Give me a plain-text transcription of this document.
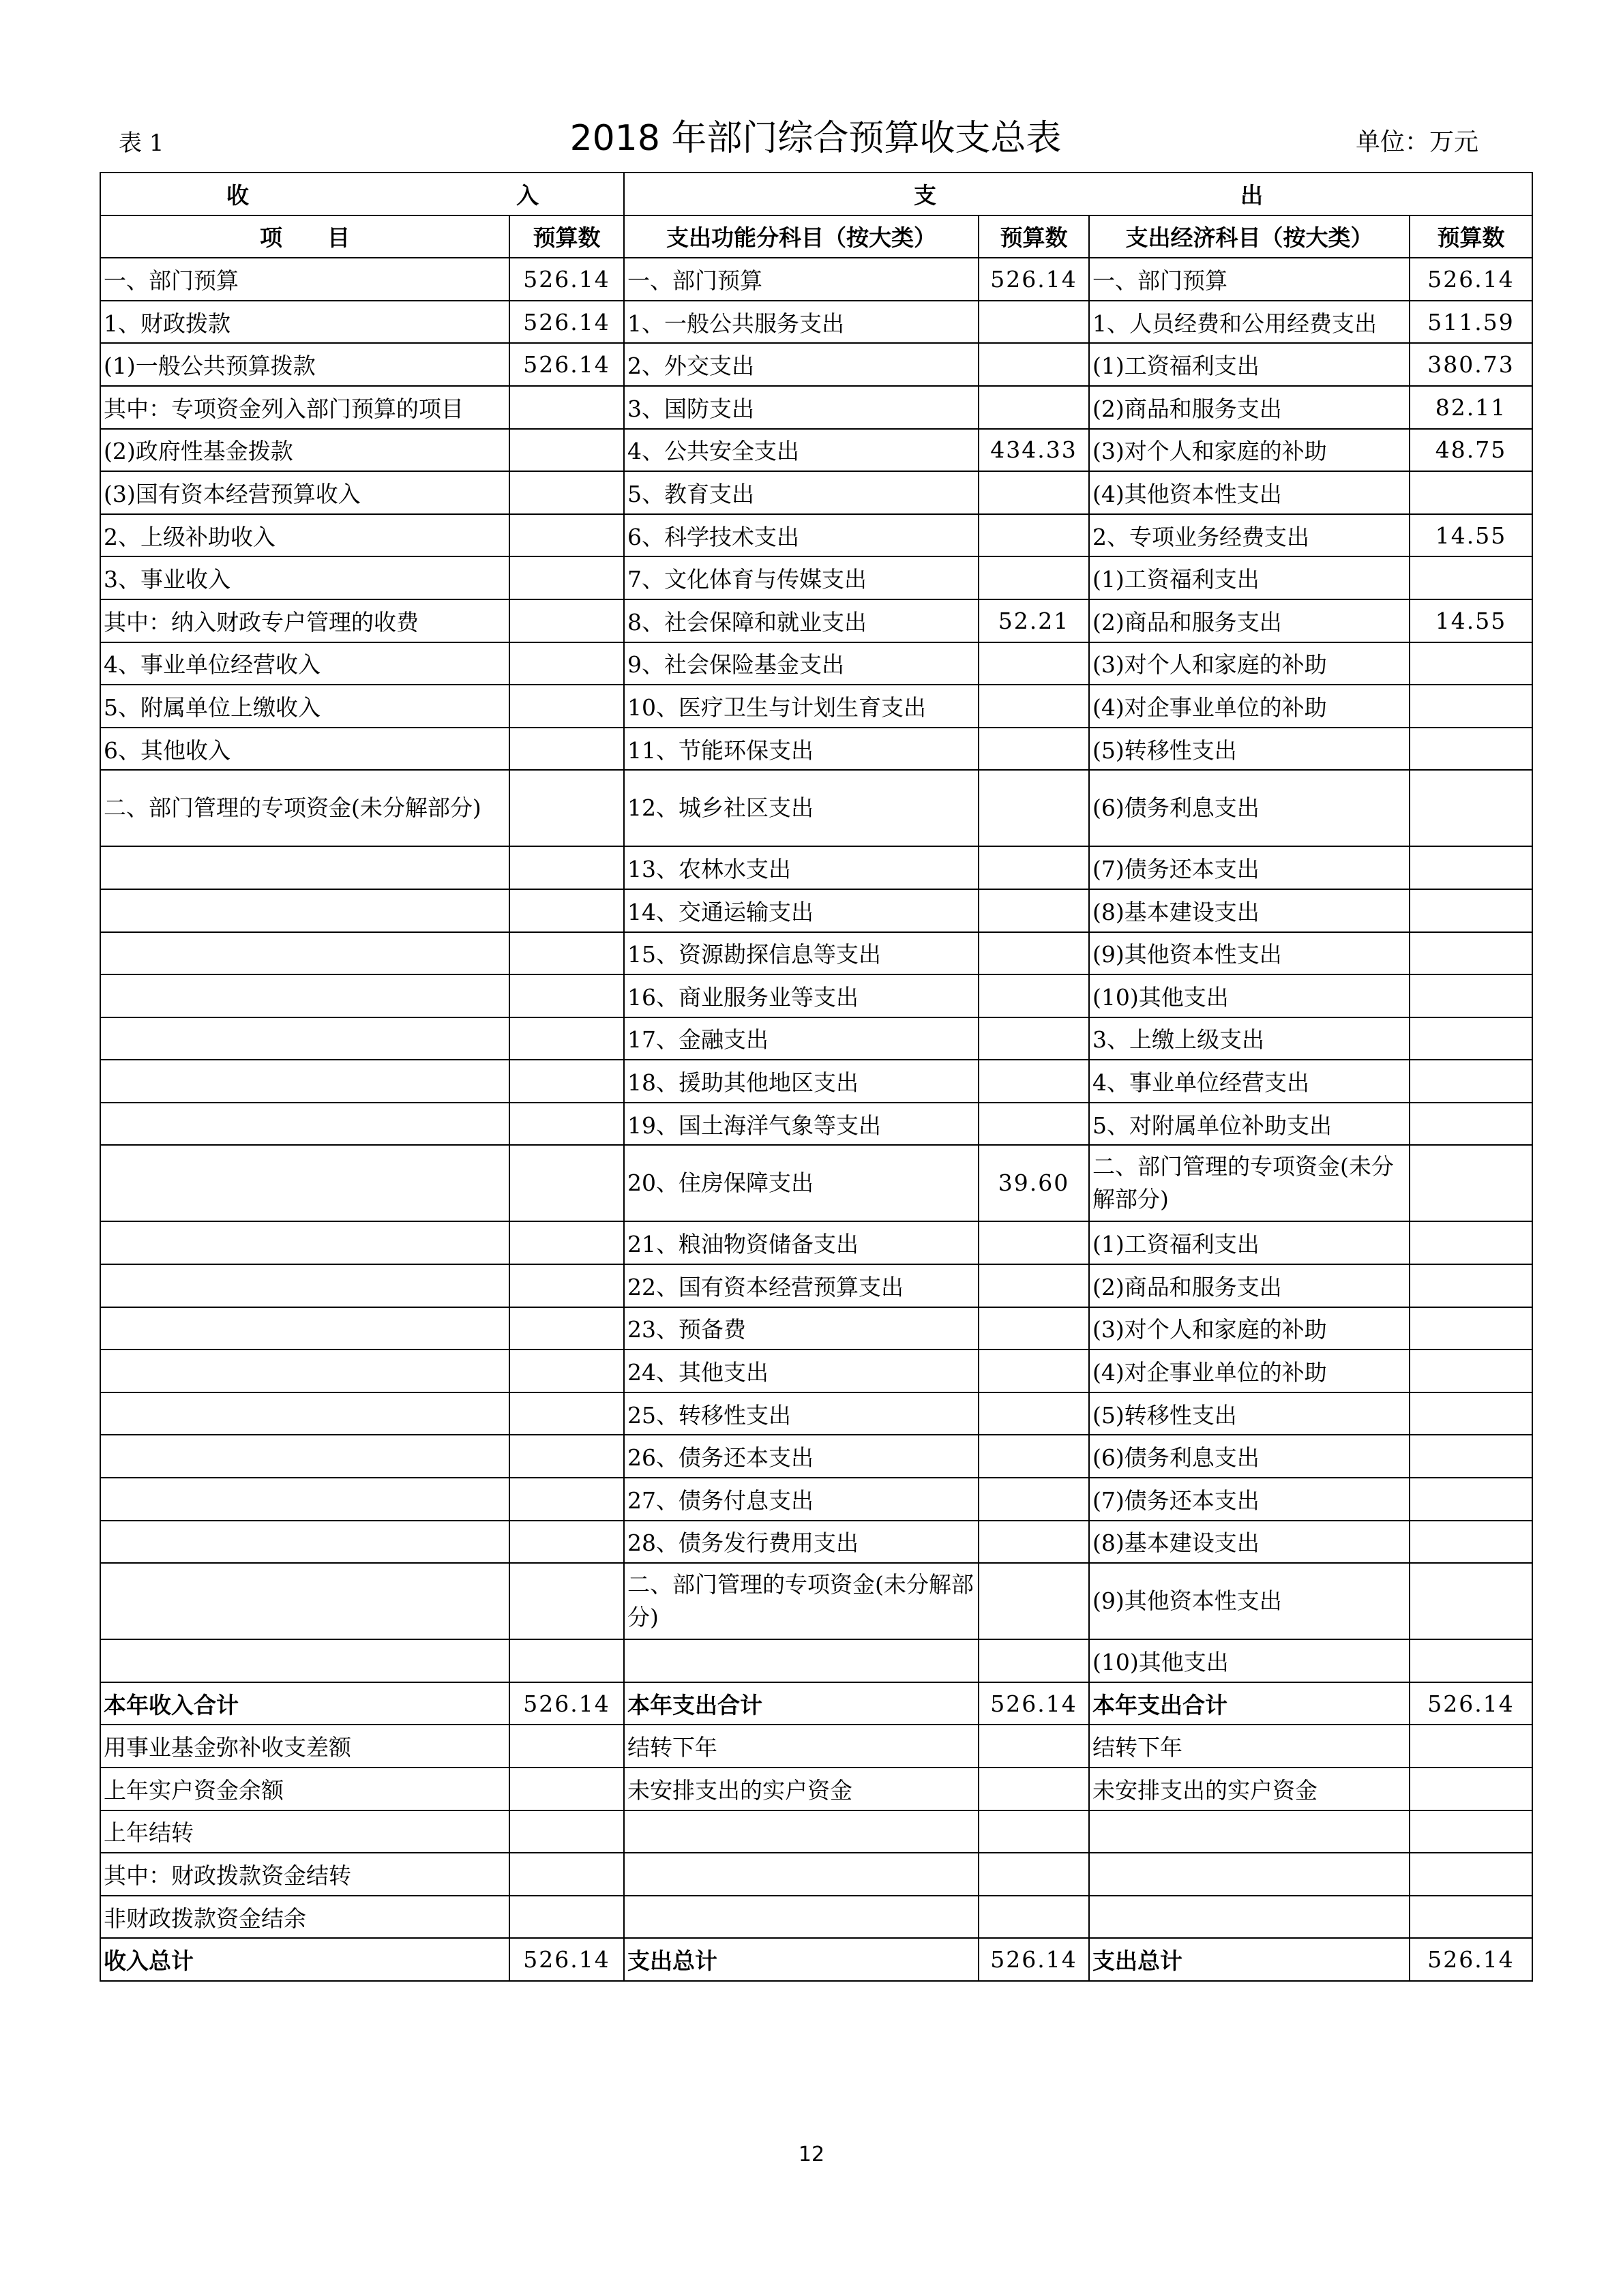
表 1	2018 年部门综合预算收支总表	单位：万元
收 入		支 出			

项　　目	预算数	支出功能分科目（按大类）	预算数	支出经济科目（按大类）	预算数
一、部门预算	526.14	一、部门预算	526.14	一、部门预算	526.14
1、财政拨款	526.14	1、一般公共服务支出		1、人员经费和公用经费支出	511.59
(1)一般公共预算拨款	526.14	2、外交支出		(1)工资福利支出	380.73
其中：专项资金列入部门预算的项目		3、国防支出		(2)商品和服务支出	82.11
(2)政府性基金拨款		4、公共安全支出	434.33	(3)对个人和家庭的补助	48.75
(3)国有资本经营预算收入		5、教育支出		(4)其他资本性支出	
2、上级补助收入		6、科学技术支出		2、专项业务经费支出	14.55
3、事业收入		7、文化体育与传媒支出		(1)工资福利支出	
其中：纳入财政专户管理的收费		8、社会保障和就业支出	52.21	(2)商品和服务支出	14.55
4、事业单位经营收入		9、社会保险基金支出		(3)对个人和家庭的补助	
5、附属单位上缴收入		10、医疗卫生与计划生育支出		(4)对企事业单位的补助	
6、其他收入		11、节能环保支出		(5)转移性支出	
二、部门管理的专项资金(未分解部分)		12、城乡社区支出		(6)债务利息支出	
		13、农林水支出		(7)债务还本支出	
		14、交通运输支出		(8)基本建设支出	
		15、资源勘探信息等支出		(9)其他资本性支出	
		16、商业服务业等支出		(10)其他支出	
		17、金融支出		3、上缴上级支出	
		18、援助其他地区支出		4、事业单位经营支出	
		19、国土海洋气象等支出		5、对附属单位补助支出	
		20、住房保障支出	39.60	二、部门管理的专项资金(未分解部分)	
		21、粮油物资储备支出		(1)工资福利支出	
		22、国有资本经营预算支出		(2)商品和服务支出	
		23、预备费		(3)对个人和家庭的补助	
		24、其他支出		(4)对企事业单位的补助	
		25、转移性支出		(5)转移性支出	
		26、债务还本支出		(6)债务利息支出	
		27、债务付息支出		(7)债务还本支出	
		28、债务发行费用支出		(8)基本建设支出	
		二、部门管理的专项资金(未分解部分)		(9)其他资本性支出	
				(10)其他支出	
本年收入合计	526.14	本年支出合计	526.14	本年支出合计	526.14
用事业基金弥补收支差额		结转下年		结转下年	
上年实户资金余额		未安排支出的实户资金		未安排支出的实户资金	
上年结转					
其中：财政拨款资金结转					
非财政拨款资金结余					
收入总计	526.14	支出总计	526.14	支出总计	526.14
12
